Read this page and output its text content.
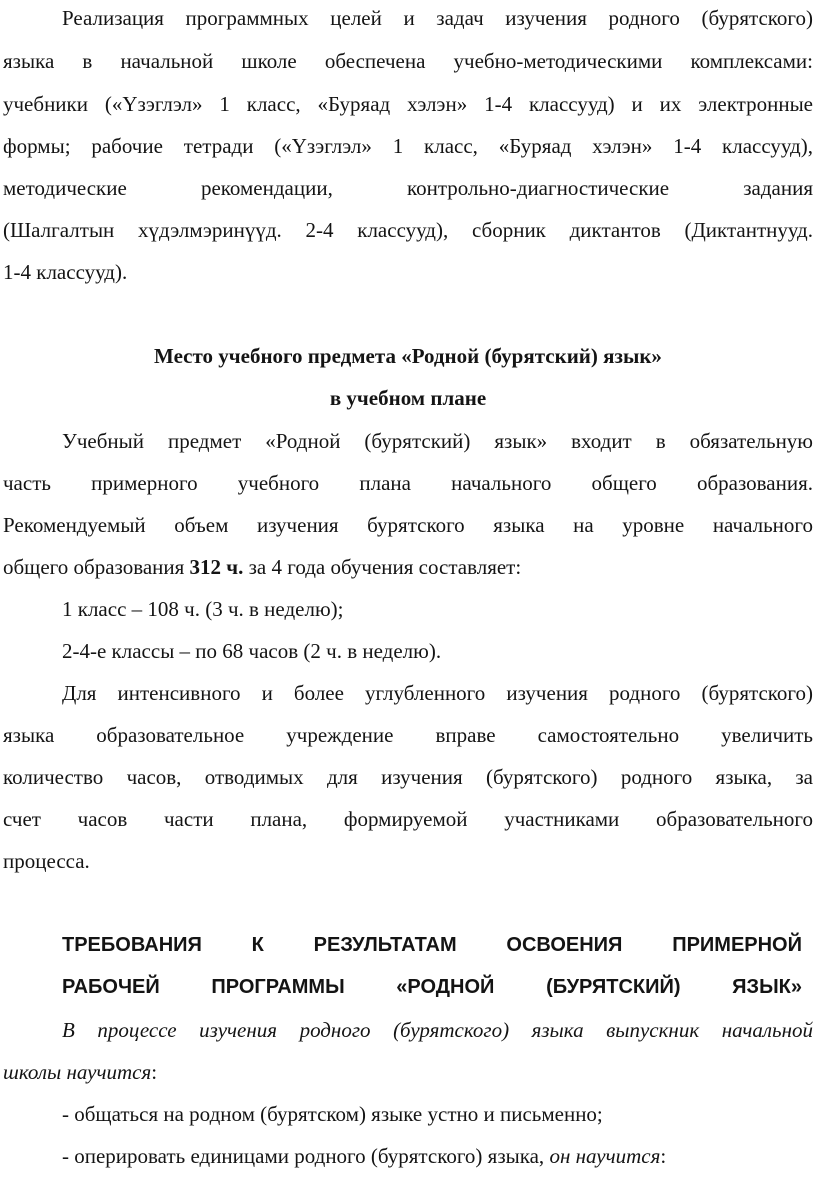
Реализация программных целей и задач изучения родного (бурятского)
языка в начальной школе обеспечена учебно-методическими комплексами:
учебники («Үзэглэл» 1 класс, «Буряад хэлэн» 1-4 классууд) и их электронные
формы; рабочие тетради («Үзэглэл» 1 класс, «Буряад хэлэн» 1-4 классууд),
методические рекомендации, контрольно-диагностические задания
(Шалгалтын хүдэлмэринүүд. 2-4 классууд), сборник диктантов (Диктантнууд.
1-4 классууд).
Место учебного предмета «Родной (бурятский) язык»
в учебном плане
Учебный предмет «Родной (бурятский) язык» входит в обязательную
часть примерного учебного плана начального общего образования.
Рекомендуемый объем изучения бурятского языка на уровне начального
общего образования 312 ч. за 4 года обучения составляет:
1 класс – 108 ч. (3 ч. в неделю);
2-4-е классы – по 68 часов (2 ч. в неделю).
Для интенсивного и более углубленного изучения родного (бурятского)
языка образовательное учреждение вправе самостоятельно увеличить
количество часов, отводимых для изучения (бурятского) родного языка, за
счет часов части плана, формируемой участниками образовательного
процесса.
ТРЕБОВАНИЯ К РЕЗУЛЬТАТАМ ОСВОЕНИЯ ПРИМЕРНОЙ
РАБОЧЕЙ ПРОГРАММЫ «РОДНОЙ (БУРЯТСКИЙ) ЯЗЫК»
В процессе изучения родного (бурятского) языка выпускник начальной
школы научится:
- общаться на родном (бурятском) языке устно и письменно;
- оперировать единицами родного (бурятского) языка, он научится:
